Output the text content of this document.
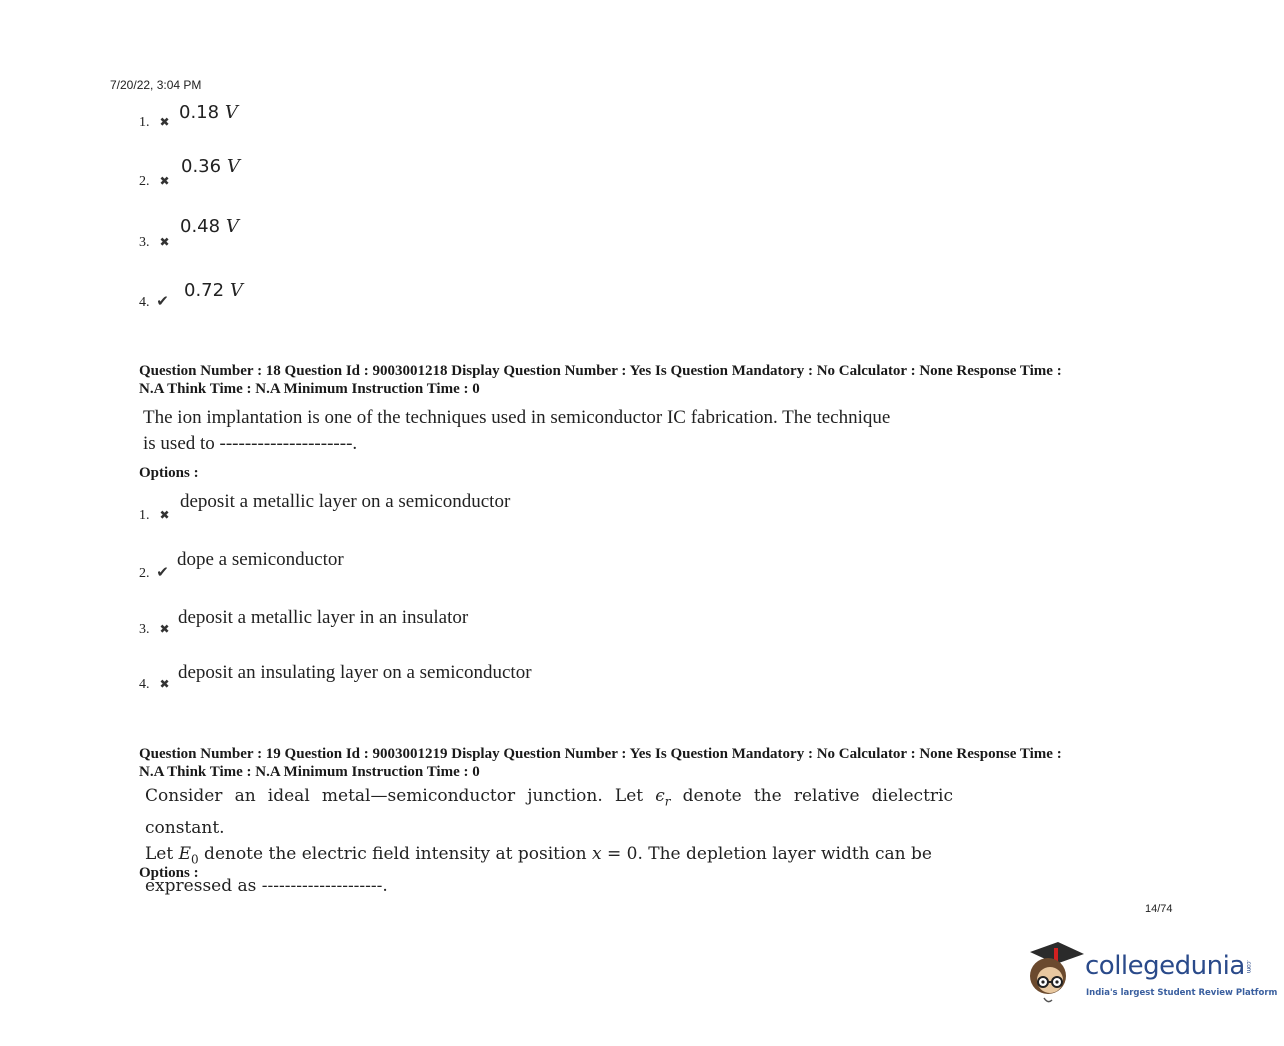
7/20/22, 3:04 PM
1. ✖ 0.18 V
2. ✖
0.36 V
3. ✖
0.48 V
4. ✔
0.72 V
Question Number : 18 Question Id : 9003001218 Display Question Number : Yes Is Question Mandatory : No Calculator : None Response Time :
N.A Think Time : N.A Minimum Instruction Time : 0
The ion implantation is one of the techniques used in semiconductor IC fabrication. The technique
is used to ---------------------.
Options :
1. ✖
deposit a metallic layer on a semiconductor
2. ✔
dope a semiconductor
3. ✖
deposit a metallic layer in an insulator
4. ✖
deposit an insulating layer on a semiconductor
Question Number : 19 Question Id : 9003001219 Display Question Number : Yes Is Question Mandatory : No Calculator : None Response Time :
N.A Think Time : N.A Minimum Instruction Time : 0
Consider an ideal metal—semiconductor junction. Let $\epsilon_r$ denote the relative dielectric constant.
Let $E_0$ denote the electric field intensity at position x = 0. The depletion layer width can be
expressed as ---------------------.
Options :
14/74
collegedunia.com
India's largest Student Review Platform
